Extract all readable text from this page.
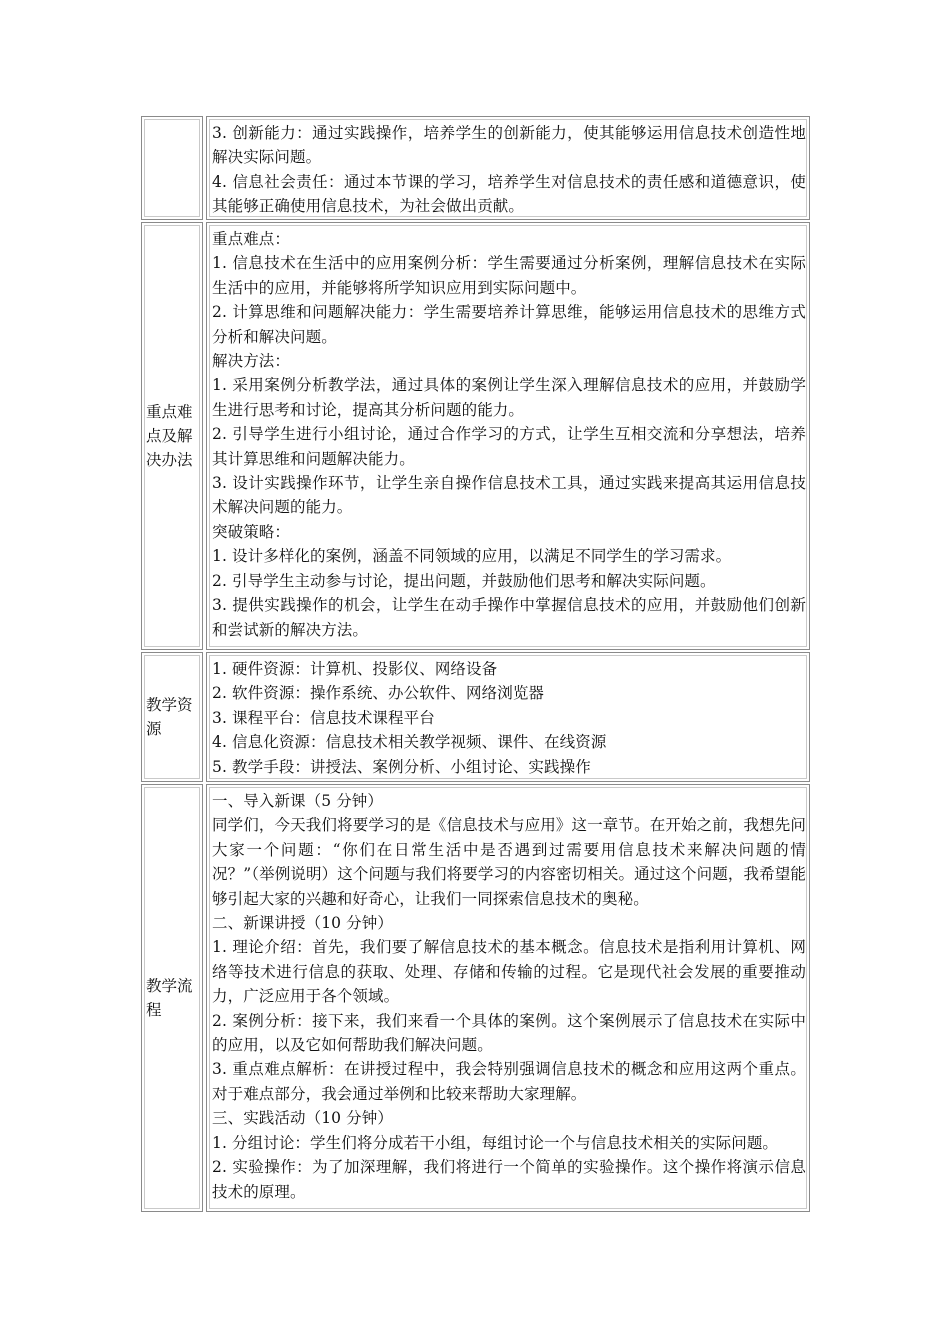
3. 创新能力：通过实践操作，培养学生的创新能力，使其能够运用信息技术创造性地解决实际问题。

4. 信息社会责任：通过本节课的学习，培养学生对信息技术的责任感和道德意识，使其能够正确使用信息技术，为社会做出贡献。

重点难点及解决办法

重点难点：

1. 信息技术在生活中的应用案例分析：学生需要通过分析案例，理解信息技术在实际生活中的应用，并能够将所学知识应用到实际问题中。

2. 计算思维和问题解决能力：学生需要培养计算思维，能够运用信息技术的思维方式分析和解决问题。

解决方法：

1. 采用案例分析教学法，通过具体的案例让学生深入理解信息技术的应用，并鼓励学生进行思考和讨论，提高其分析问题的能力。

2. 引导学生进行小组讨论，通过合作学习的方式，让学生互相交流和分享想法，培养其计算思维和问题解决能力。

3. 设计实践操作环节，让学生亲自操作信息技术工具，通过实践来提高其运用信息技术解决问题的能力。

突破策略：

1. 设计多样化的案例，涵盖不同领域的应用，以满足不同学生的学习需求。

2. 引导学生主动参与讨论，提出问题，并鼓励他们思考和解决实际问题。

3. 提供实践操作的机会，让学生在动手操作中掌握信息技术的应用，并鼓励他们创新和尝试新的解决方法。

教学资源

1. 硬件资源：计算机、投影仪、网络设备

2. 软件资源：操作系统、办公软件、网络浏览器

3. 课程平台：信息技术课程平台

4. 信息化资源：信息技术相关教学视频、课件、在线资源

5. 教学手段：讲授法、案例分析、小组讨论、实践操作

教学流程

一、导入新课（5 分钟）

同学们，今天我们将要学习的是《信息技术与应用》这一章节。在开始之前，我想先问大家一个问题：“你们在日常生活中是否遇到过需要用信息技术来解决问题的情况？”（举例说明）这个问题与我们将要学习的内容密切相关。通过这个问题，我希望能够引起大家的兴趣和好奇心，让我们一同探索信息技术的奥秘。

二、新课讲授（10 分钟）

1. 理论介绍：首先，我们要了解信息技术的基本概念。信息技术是指利用计算机、网络等技术进行信息的获取、处理、存储和传输的过程。它是现代社会发展的重要推动力，广泛应用于各个领域。

2. 案例分析：接下来，我们来看一个具体的案例。这个案例展示了信息技术在实际中的应用，以及它如何帮助我们解决问题。

3. 重点难点解析：在讲授过程中，我会特别强调信息技术的概念和应用这两个重点。对于难点部分，我会通过举例和比较来帮助大家理解。

三、实践活动（10 分钟）

1. 分组讨论：学生们将分成若干小组，每组讨论一个与信息技术相关的实际问题。

2. 实验操作：为了加深理解，我们将进行一个简单的实验操作。这个操作将演示信息技术的原理。
